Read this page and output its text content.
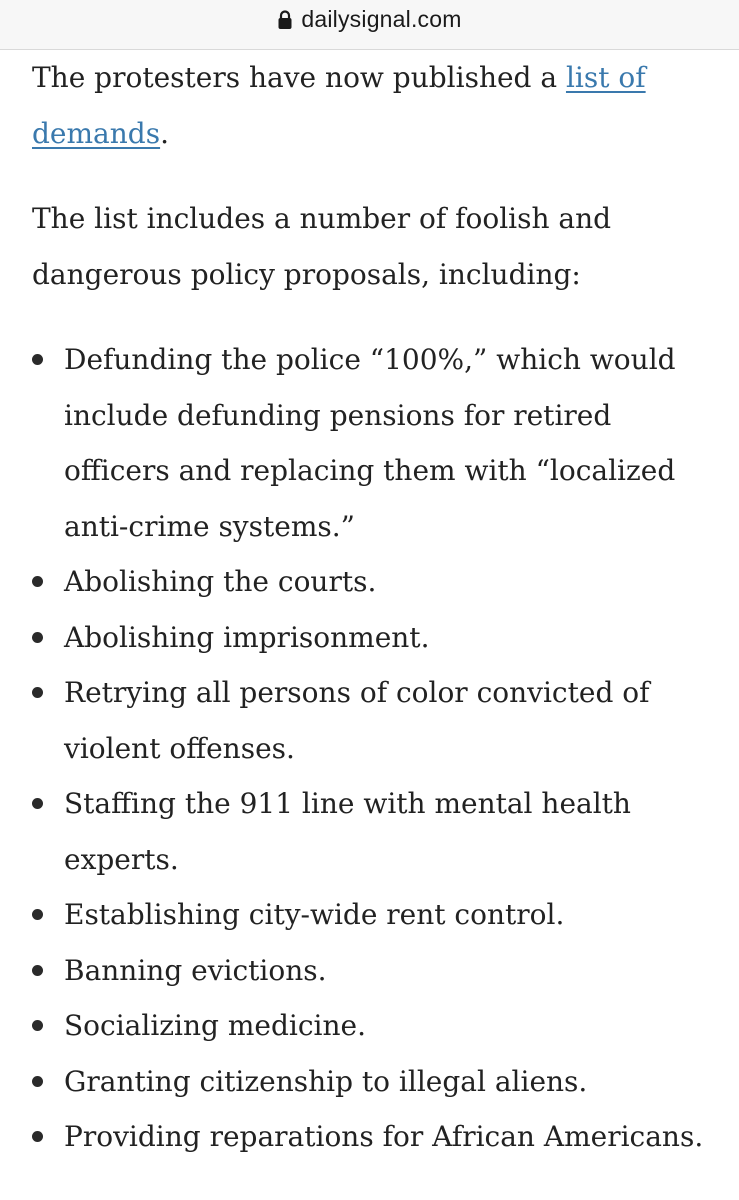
dailysignal.com

The protesters have now published a list of demands.

The list includes a number of foolish and dangerous policy proposals, including:

Defunding the police “100%,” which would include defunding pensions for retired officers and replacing them with “localized anti-crime systems.”
Abolishing the courts.
Abolishing imprisonment.
Retrying all persons of color convicted of violent offenses.
Staffing the 911 line with mental health experts.
Establishing city-wide rent control.
Banning evictions.
Socializing medicine.
Granting citizenship to illegal aliens.
Providing reparations for African Americans.
